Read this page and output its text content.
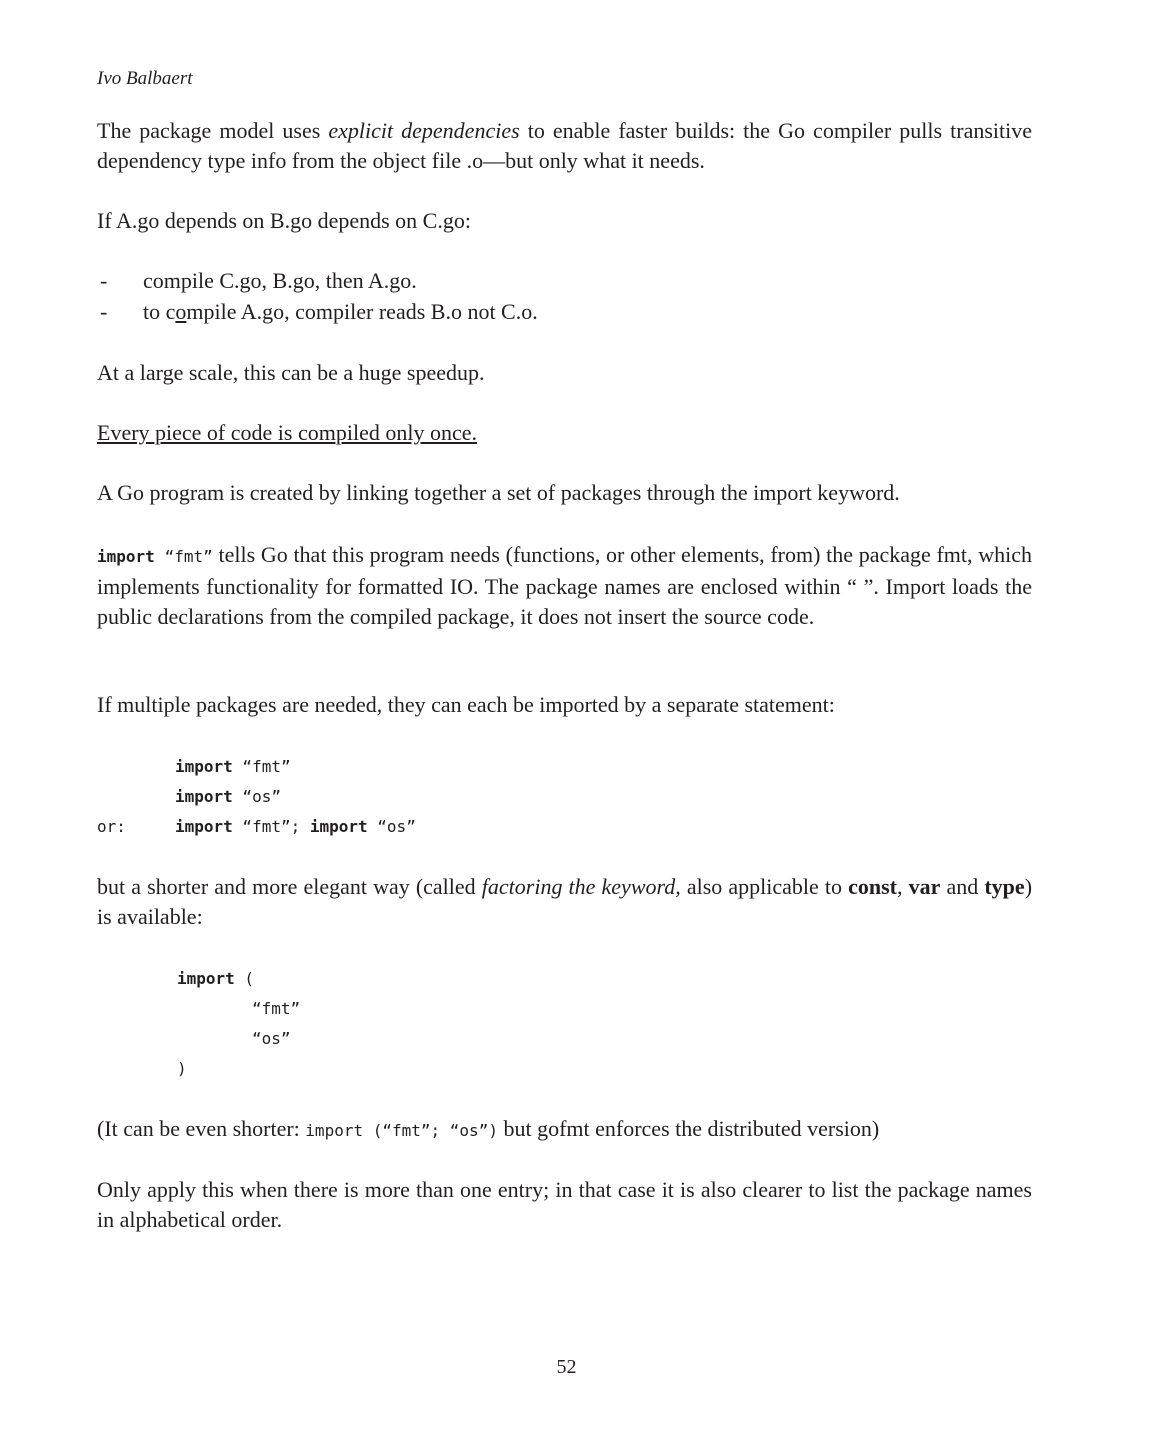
Ivo Balbaert

The package model uses explicit dependencies to enable faster builds: the Go compiler pulls transitive dependency type info from the object file .o—but only what it needs.

If A.go depends on B.go depends on C.go:

-	compile C.go, B.go, then A.go.
-	to compile A.go, compiler reads B.o not C.o.

At a large scale, this can be a huge speedup.

Every piece of code is compiled only once.

A Go program is created by linking together a set of packages through the import keyword.

import “fmt” tells Go that this program needs (functions, or other elements, from) the package fmt, which implements functionality for formatted IO. The package names are enclosed within “ ”. Import loads the public declarations from the compiled package, it does not insert the source code.

If multiple packages are needed, they can each be imported by a separate statement:

import “fmt”
import “os”
or:	import “fmt”; import “os”

but a shorter and more elegant way (called factoring the keyword, also applicable to const, var and type) is available:

import (
“fmt”
“os”
)

(It can be even shorter: import (“fmt”; “os”) but gofmt enforces the distributed version)

Only apply this when there is more than one entry; in that case it is also clearer to list the package names in alphabetical order.

52
